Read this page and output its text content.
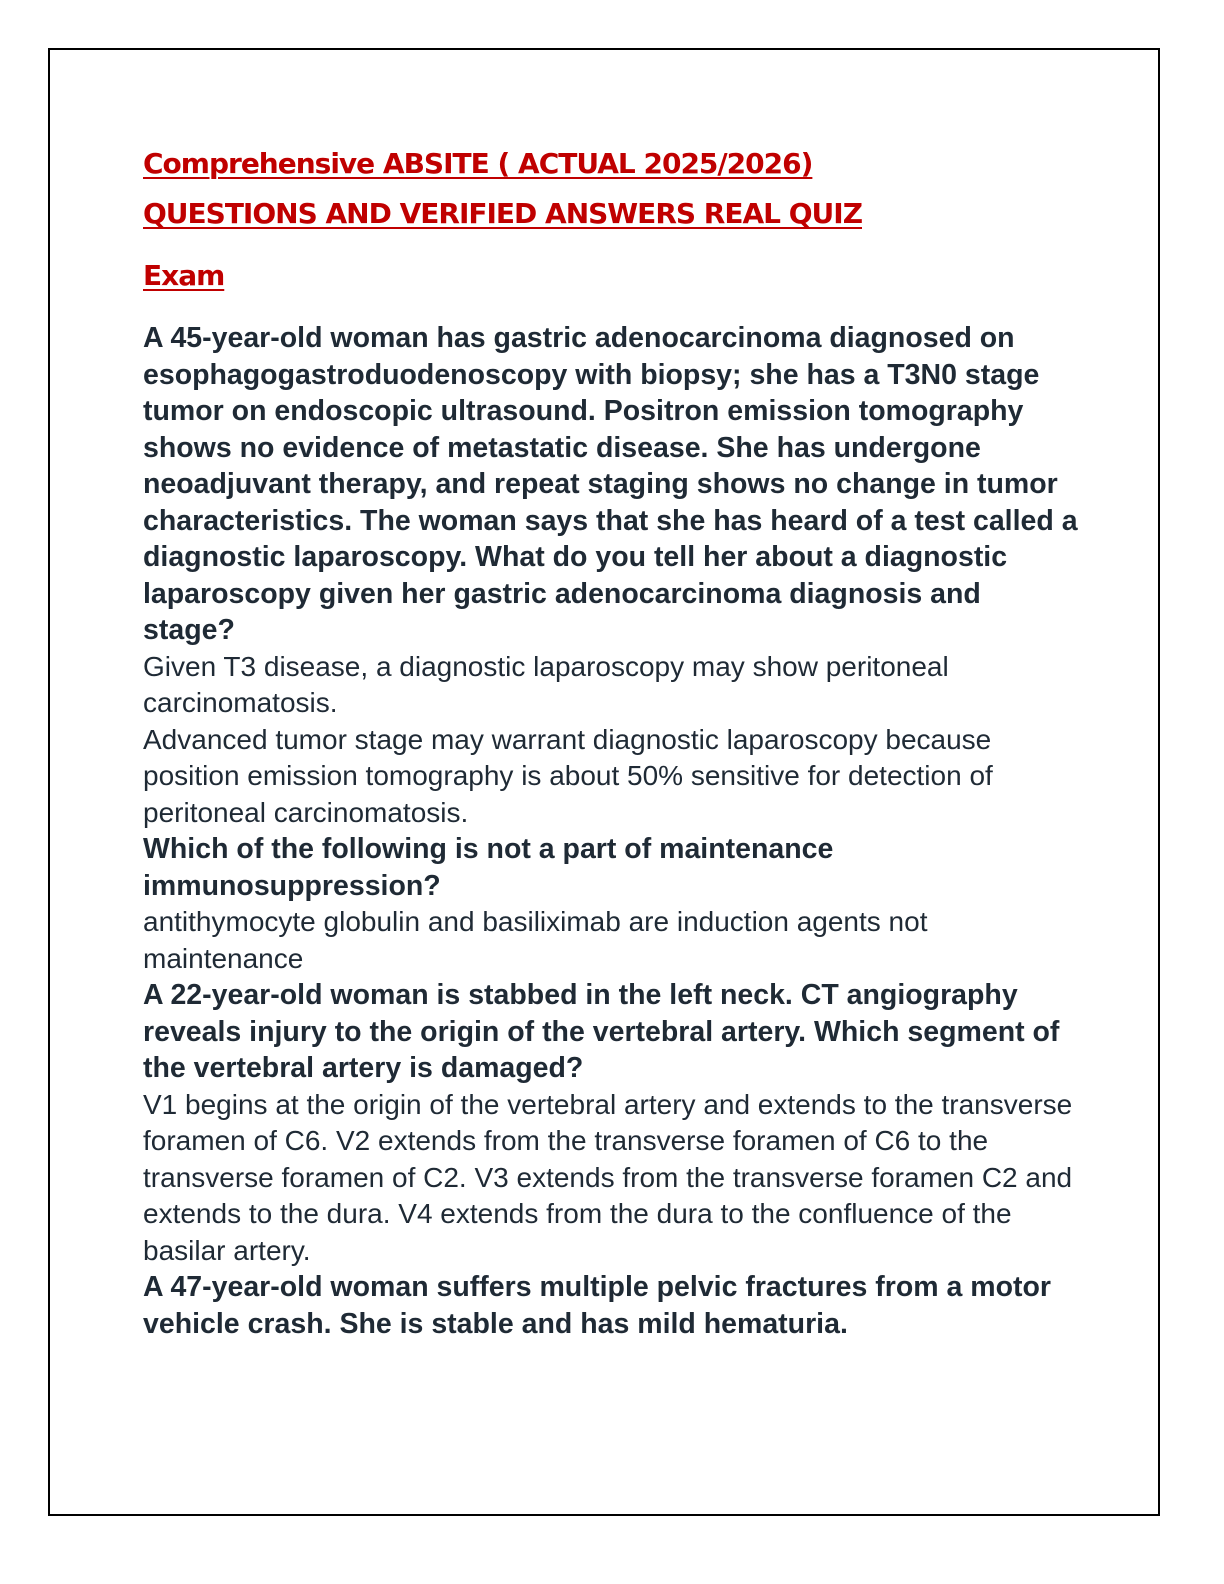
Comprehensive ABSITE ( ACTUAL 2025/2026)
QUESTIONS AND VERIFIED ANSWERS REAL QUIZ
Exam

A 45-year-old woman has gastric adenocarcinoma diagnosed on esophagogastroduodenoscopy with biopsy; she has a T3N0 stage tumor on endoscopic ultrasound. Positron emission tomography shows no evidence of metastatic disease. She has undergone neoadjuvant therapy, and repeat staging shows no change in tumor characteristics. The woman says that she has heard of a test called a diagnostic laparoscopy. What do you tell her about a diagnostic laparoscopy given her gastric adenocarcinoma diagnosis and stage?

Given T3 disease, a diagnostic laparoscopy may show peritoneal carcinomatosis.

Advanced tumor stage may warrant diagnostic laparoscopy because position emission tomography is about 50% sensitive for detection of peritoneal carcinomatosis.

Which of the following is not a part of maintenance immunosuppression?

antithymocyte globulin and basiliximab are induction agents not maintenance

A 22-year-old woman is stabbed in the left neck. CT angiography reveals injury to the origin of the vertebral artery. Which segment of the vertebral artery is damaged?

V1 begins at the origin of the vertebral artery and extends to the transverse foramen of C6. V2 extends from the transverse foramen of C6 to the transverse foramen of C2. V3 extends from the transverse foramen C2 and extends to the dura. V4 extends from the dura to the confluence of the basilar artery.

A 47-year-old woman suffers multiple pelvic fractures from a motor vehicle crash. She is stable and has mild hematuria.
